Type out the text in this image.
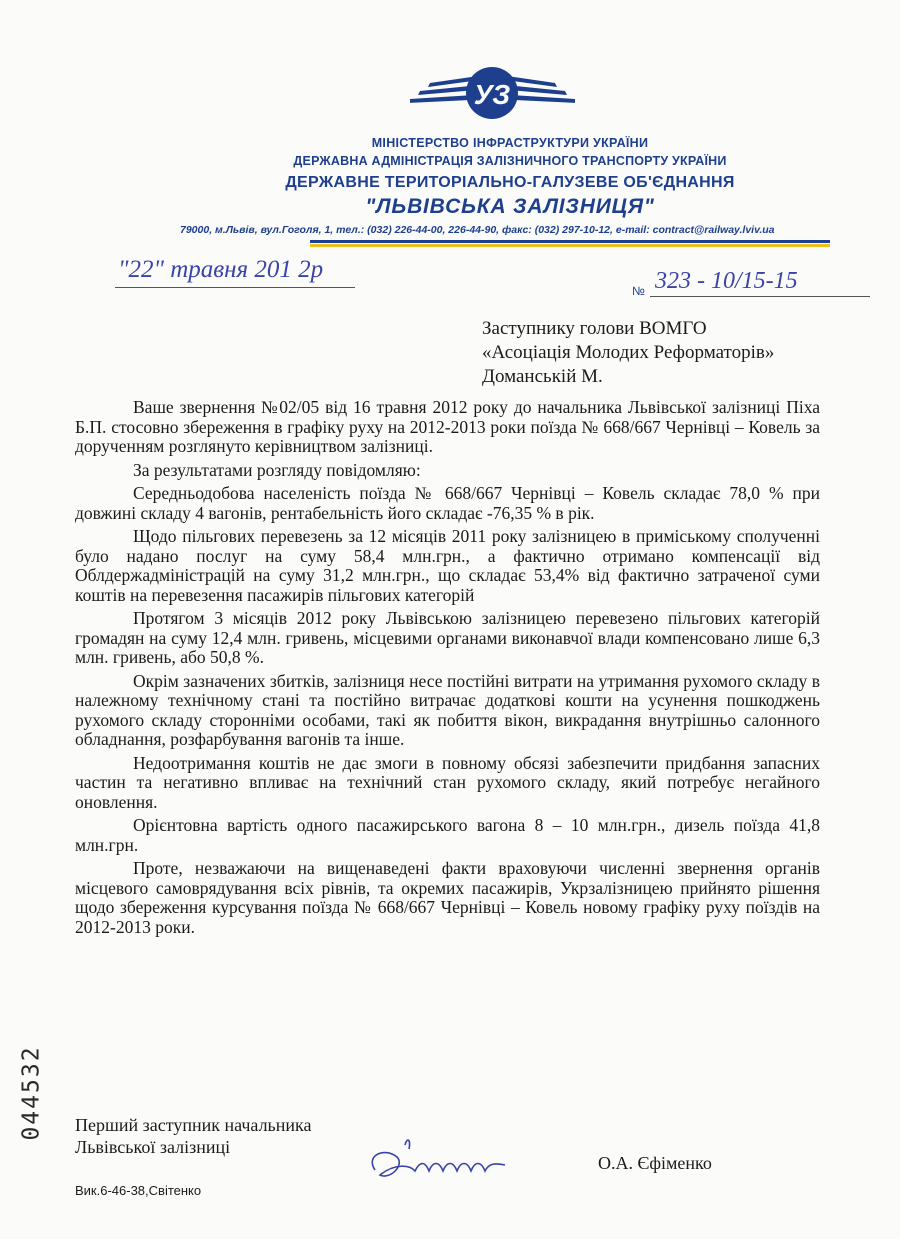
УЗ
МІНІСТЕРСТВО ІНФРАСТРУКТУРИ УКРАЇНИ
ДЕРЖАВНА АДМІНІСТРАЦІЯ ЗАЛІЗНИЧНОГО ТРАНСПОРТУ УКРАЇНИ
ДЕРЖАВНЕ ТЕРИТОРІАЛЬНО-ГАЛУЗЕВЕ ОБ'ЄДНАННЯ
"ЛЬВІВСЬКА ЗАЛІЗНИЦЯ"
79000, м.Львів, вул.Гоголя, 1, тел.: (032) 226-44-00, 226-44-90, факс: (032) 297-10-12, e-mail: contract@railway.lviv.ua
"22" травня 201 2р
№ 323 - 10/15-15
Заступнику голови ВОМГО
«Асоціація Молодих Реформаторів»
Доманській М.

Ваше звернення №02/05 від 16 травня 2012 року до начальника Львівської залізниці Піха Б.П. стосовно збереження в графіку руху на 2012-2013 роки поїзда № 668/667 Чернівці – Ковель за дорученням розглянуто керівництвом залізниці.

За результатами розгляду повідомляю:

Середньодобова населеність поїзда № 668/667 Чернівці – Ковель складає 78,0 % при довжині складу 4 вагонів, рентабельність його складає -76,35 % в рік.

Щодо пільгових перевезень за 12 місяців 2011 року залізницею в приміському сполученні було надано послуг на суму 58,4 млн.грн., а фактично отримано компенсації від Облдержадміністрацій на суму 31,2 млн.грн., що складає 53,4% від фактично затраченої суми коштів на перевезення пасажирів пільгових категорій

Протягом 3 місяців 2012 року Львівською залізницею перевезено пільгових категорій громадян на суму 12,4 млн. гривень, місцевими органами виконавчої влади компенсовано лише 6,3 млн. гривень, або 50,8 %.

Окрім зазначених збитків, залізниця несе постійні витрати на утримання рухомого складу в належному технічному стані та постійно витрачає додаткові кошти на усунення пошкоджень рухомого складу сторонніми особами, такі як побиття вікон, викрадання внутрішньо салонного обладнання, розфарбування вагонів та інше.

Недоотримання коштів не дає змоги в повному обсязі забезпечити придбання запасних частин та негативно впливає на технічний стан рухомого складу, який потребує негайного оновлення.

Орієнтовна вартість одного пасажирського вагона 8 – 10 млн.грн., дизель поїзда 41,8 млн.грн.

Проте, незважаючи на вищенаведені факти враховуючи численні звернення органів місцевого самоврядування всіх рівнів, та окремих пасажирів, Укрзалізницею прийнято рішення щодо збереження курсування поїзда № 668/667 Чернівці – Ковель новому графіку руху поїздів на 2012-2013 роки.

044532 Перший заступник начальника
Львівської залізниці
О.А. Єфіменко
Вик.6-46-38,Світенко
